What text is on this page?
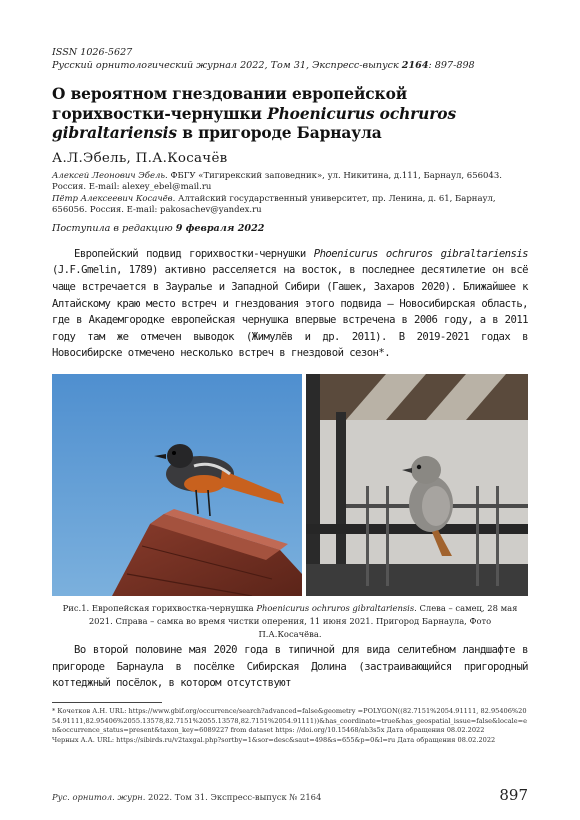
ISSN 1026-5627
Русский орнитологический журнал 2022, Том 31, Экспресс-выпуск 2164: 897-898
О вероятном гнездовании европейской горихвостки-чернушки Phoenicurus ochruros gibraltariensis в пригороде Барнаула
А.Л.Эбель, П.А.Косачёв
Алексей Леонович Эбель. ФБГУ «Тигирекский заповедник», ул. Никитина, д.111, Барнаул, 656043. Россия. E-mail: alexey_ebel@mail.ru
Пётр Алексеевич Косачёв. Алтайский государственный университет, пр. Ленина, д. 61, Барнаул, 656056. Россия. E-mail: pakosachev@yandex.ru
Поступила в редакцию 9 февраля 2022

Европейский подвид горихвостки-чернушки Phoenicurus ochruros gibraltariensis (J.F.Gmelin, 1789) активно расселяется на восток, в последнее десятилетие он всё чаще встречается в Зауралье и Западной Сибири (Гашек, Захаров 2020). Ближайшее к Алтайскому краю место встреч и гнездования этого подвида – Новосибирская область, где в Академгородке европейская чернушка впервые встречена в 2006 году, а в 2011 году там же отмечен выводок (Жимулёв и др. 2011). В 2019-2021 годах в Новосибирске отмечено несколько встреч в гнездовой сезон*.

Рис.1. Европейская горихвостка-чернушка Phoenicurus ochruros gibraltariensis. Слева – самец, 28 мая 2021. Справа – самка во время чистки оперения, 11 июня 2021. Пригород Барнаула, Фото П.А.Косачёва.

Во второй половине мая 2020 года в типичной для вида селитебном ландшафте в пригороде Барнаула в посёлке Сибирская Долина (застраивающийся пригородный коттеджный посёлок, в котором отсутствуют

* Кочетков А.Н. URL: https://www.gbif.org/occurrence/search?advanced=false&geometry =POLYGON((82.7151%2054.91111, 82.95406%2054.91111,82.95406%2055.13578,82.7151%2055.13578,82.7151%2054.91111))&has_coordinate=true&has_geospatial_issue=false&locale=en&occurrence_status=present&taxon_key=6089227 from dataset https: //doi.org/10.15468/ab3s5x Дата обращения 08.02.2022

Черных А.А. URL: https://sibirds.ru/v2taxgal.php?sortby=1&sor=desc&saut=498&s=655&p=0&l=ru Дата обращения 08.02.2022

Рус. орнитол. журн. 2022. Том 31. Экспресс-выпуск № 2164	897
